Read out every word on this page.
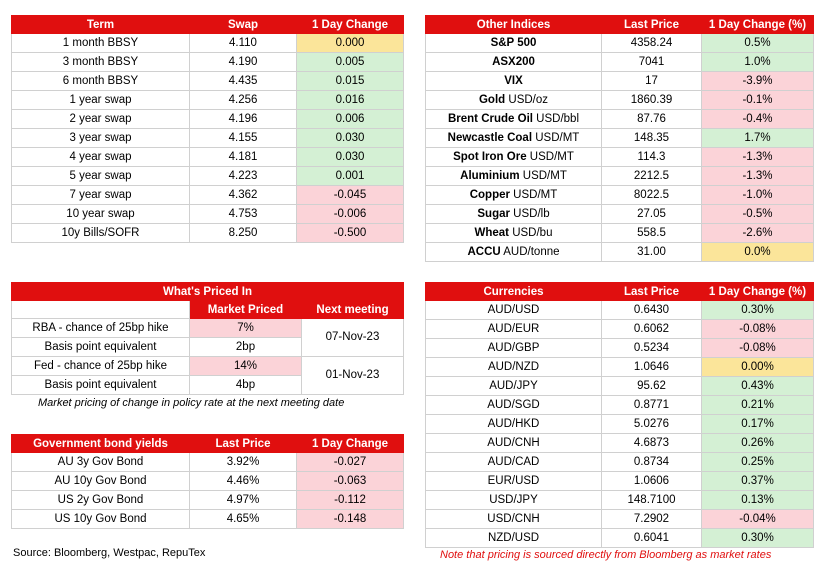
Term	Swap	1 Day Change
1 month BBSY	4.110	0.000
3 month BBSY	4.190	0.005
6 month BBSY	4.435	0.015
1 year swap	4.256	0.016
2 year swap	4.196	0.006
3 year swap	4.155	0.030
4 year swap	4.181	0.030
5 year swap	4.223	0.001
7 year swap	4.362	-0.045
10 year swap	4.753	-0.006
10y Bills/SOFR	8.250	-0.500
Other Indices	Last Price	1 Day Change (%)
S&P 500	4358.24	0.5%
ASX200	7041	1.0%
VIX	17	-3.9%
Gold USD/oz	1860.39	-0.1%
Brent Crude Oil USD/bbl	87.76	-0.4%
Newcastle Coal USD/MT	148.35	1.7%
Spot Iron Ore USD/MT	114.3	-1.3%
Aluminium USD/MT	2212.5	-1.3%
Copper USD/MT	8022.5	-1.0%
Sugar USD/lb	27.05	-0.5%
Wheat USD/bu	558.5	-2.6%
ACCU AUD/tonne	31.00	0.0%
What's Priced In		
	Market Priced	Next meeting
RBA - chance of 25bp hike	7%	07-Nov-23
Basis point equivalent	2bp	
Fed - chance of 25bp hike	14%	01-Nov-23
Basis point equivalent	4bp	
Market pricing of change in policy rate at the next meeting date
Government bond yields	Last Price	1 Day Change
AU 3y Gov Bond	3.92%	-0.027
AU 10y Gov Bond	4.46%	-0.063
US 2y Gov Bond	4.97%	-0.112
US 10y Gov Bond	4.65%	-0.148
Currencies	Last Price	1 Day Change (%)
AUD/USD	0.6430	0.30%
AUD/EUR	0.6062	-0.08%
AUD/GBP	0.5234	-0.08%
AUD/NZD	1.0646	0.00%
AUD/JPY	95.62	0.43%
AUD/SGD	0.8771	0.21%
AUD/HKD	5.0276	0.17%
AUD/CNH	4.6873	0.26%
AUD/CAD	0.8734	0.25%
EUR/USD	1.0606	0.37%
USD/JPY	148.7100	0.13%
USD/CNH	7.2902	-0.04%
NZD/USD	0.6041	0.30%
Source: Bloomberg, Westpac, RepuTex	Note that pricing is sourced directly from Bloomberg as market rates
